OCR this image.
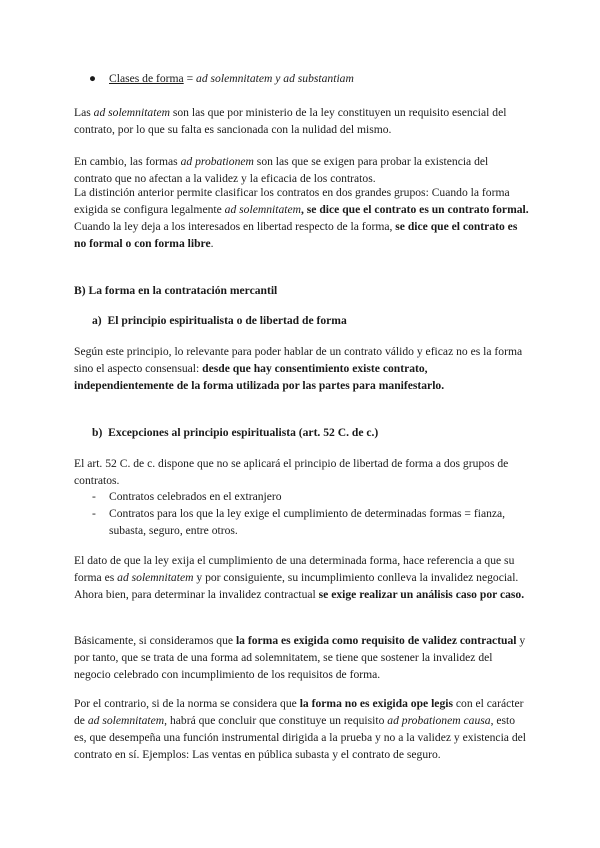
● Clases de forma = ad solemnitatem y ad substantiam

Las ad solemnitatem son las que por ministerio de la ley constituyen un requisito esencial del contrato, por lo que su falta es sancionada con la nulidad del mismo.

En cambio, las formas ad probationem son las que se exigen para probar la existencia del contrato que no afectan a la validez y la eficacia de los contratos.

La distinción anterior permite clasificar los contratos en dos grandes grupos: Cuando la forma exigida se configura legalmente ad solemnitatem, se dice que el contrato es un contrato formal. Cuando la ley deja a los interesados en libertad respecto de la forma, se dice que el contrato es no formal o con forma libre.

B) La forma en la contratación mercantil

a) El principio espiritualista o de libertad de forma

Según este principio, lo relevante para poder hablar de un contrato válido y eficaz no es la forma sino el aspecto consensual: desde que hay consentimiento existe contrato, independientemente de la forma utilizada por las partes para manifestarlo.

b) Excepciones al principio espiritualista (art. 52 C. de c.)

El art. 52 C. de c. dispone que no se aplicará el principio de libertad de forma a dos grupos de contratos.

- Contratos celebrados en el extranjero

- Contratos para los que la ley exige el cumplimiento de determinadas formas = fianza, subasta, seguro, entre otros.

El dato de que la ley exija el cumplimiento de una determinada forma, hace referencia a que su forma es ad solemnitatem y por consiguiente, su incumplimiento conlleva la invalidez negocial. Ahora bien, para determinar la invalidez contractual se exige realizar un análisis caso por caso.

Básicamente, si consideramos que la forma es exigida como requisito de validez contractual y por tanto, que se trata de una forma ad solemnitatem, se tiene que sostener la invalidez del negocio celebrado con incumplimiento de los requisitos de forma.

Por el contrario, si de la norma se considera que la forma no es exigida ope legis con el carácter de ad solemnitatem, habrá que concluir que constituye un requisito ad probationem causa, esto es, que desempeña una función instrumental dirigida a la prueba y no a la validez y existencia del contrato en sí. Ejemplos: Las ventas en pública subasta y el contrato de seguro.
